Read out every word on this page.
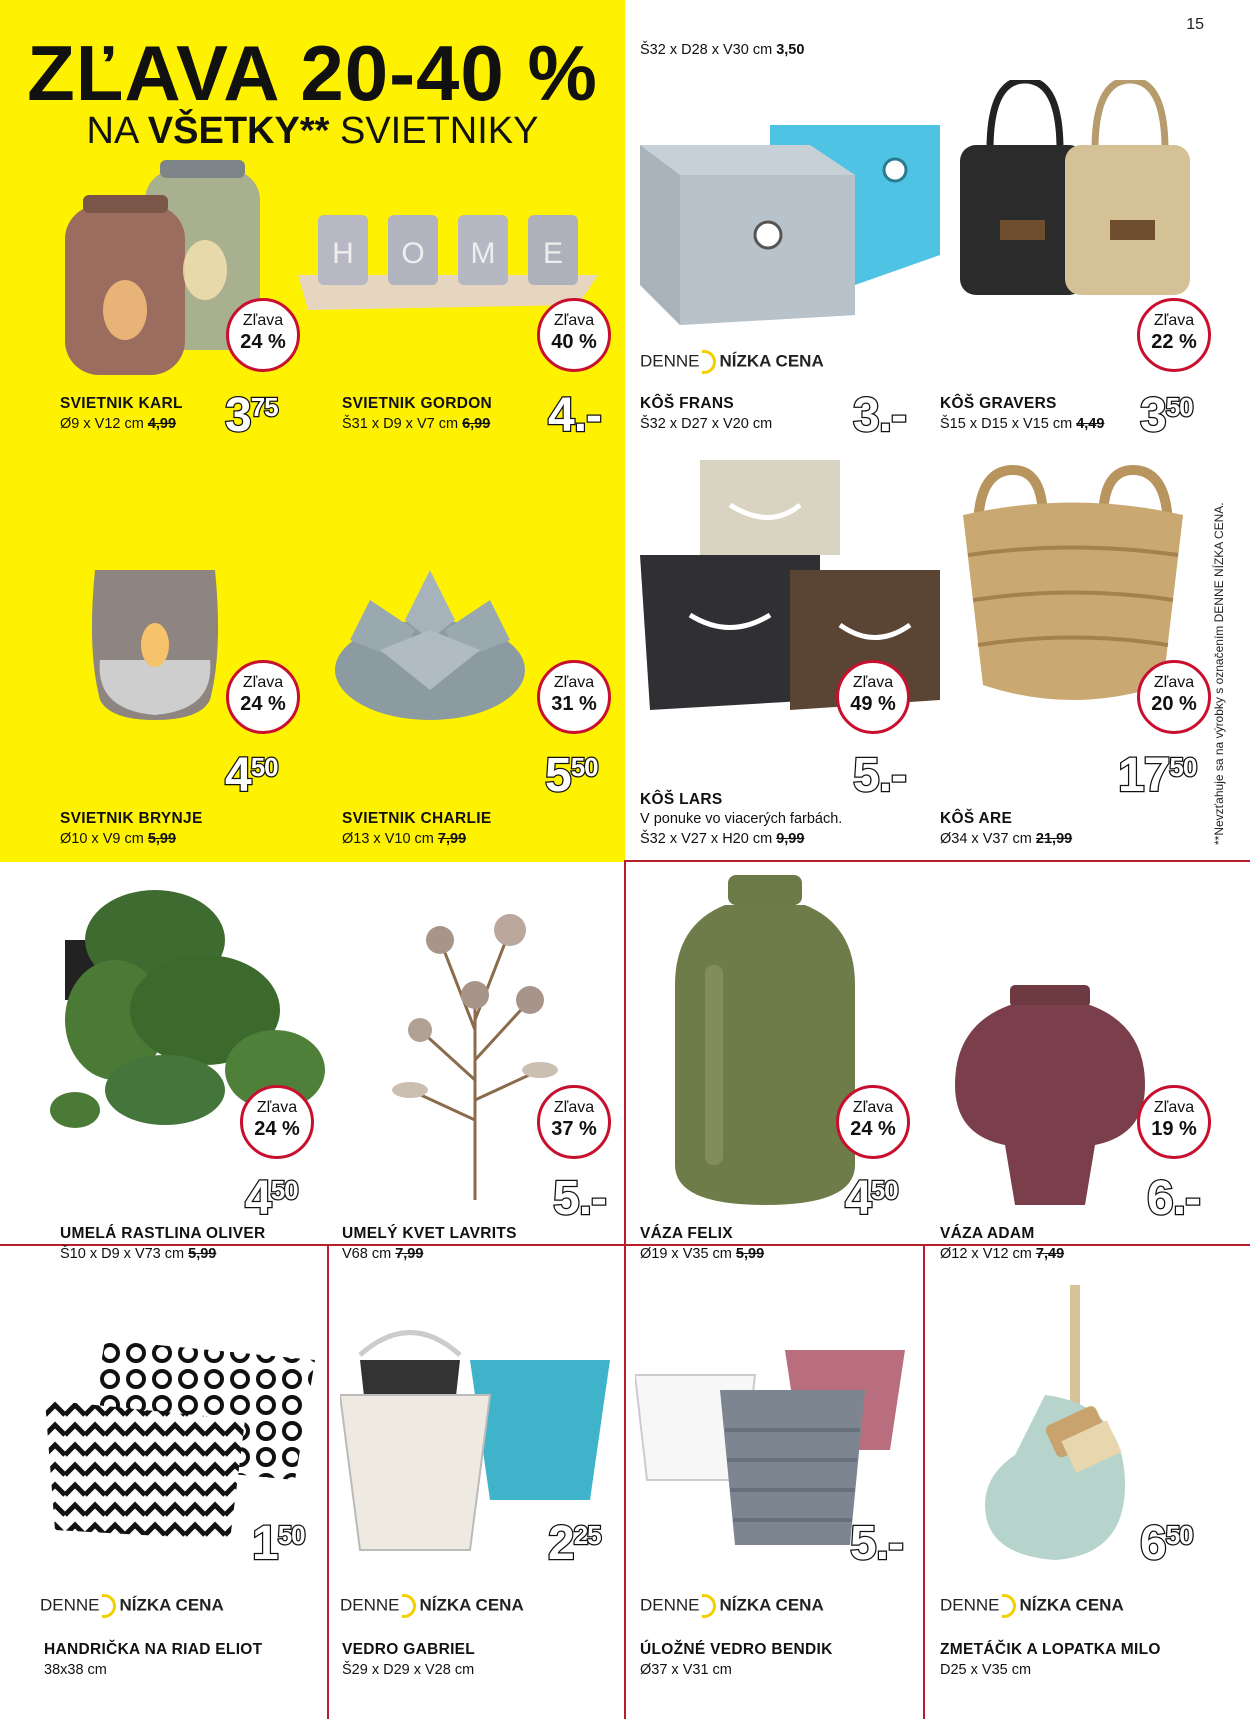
ZĽAVA 20-40 %
NA VŠETKY** SVIETNIKY
15
Š32 x D28 x V30 cm 3,50
Zľava
24 %
$3^{75}$
SVIETNIK KARL
Ø9 x V12 cm 4,99
H O M E
Zľava
40 %
4.-
SVIETNIK GORDON
Š31 x D9 x V7 cm 6,99
DENNE NÍZKA CENA
3.-
KÔŠ FRANS
Š32 x D27 x V20 cm
Zľava
22 %
$3^{50}$
KÔŠ GRAVERS
Š15 x D15 x V15 cm 4,49
Zľava
24 %
$4^{50}$
SVIETNIK BRYNJE
Ø10 x V9 cm 5,99
Zľava
31 %
$5^{50}$
SVIETNIK CHARLIE
Ø13 x V10 cm 7,99
Zľava
49 %
5.-
KÔŠ LARS
V ponuke vo viacerých farbách.
Š32 x V27 x H20 cm 9,99
Zľava
20 %
$17^{50}$
KÔŠ ARE
Ø34 x V37 cm 21,99	**Nevzťahuje sa na výrobky s označením DENNE NÍZKA CENA.
Zľava
24 %
$4^{50}$
UMELÁ RASTLINA OLIVER
Š10 x D9 x V73 cm 5,99
Zľava
37 %
5.-
UMELÝ KVET LAVRITS
V68 cm 7,99
Zľava
24 %
$4^{50}$
VÁZA FELIX
Ø19 x V35 cm 5,99
Zľava
19 %
6.-
VÁZA ADAM
Ø12 x V12 cm 7,49
$1^{50}$
DENNE NÍZKA CENA
HANDRIČKA NA RIAD ELIOT
38x38 cm
$2^{25}$
DENNE NÍZKA CENA
VEDRO GABRIEL
Š29 x D29 x V28 cm
5.-
DENNE NÍZKA CENA
ÚLOŽNÉ VEDRO BENDIK
Ø37 x V31 cm
$6^{50}$
DENNE NÍZKA CENA
ZMETÁČIK A LOPATKA MILO
D25 x V35 cm
